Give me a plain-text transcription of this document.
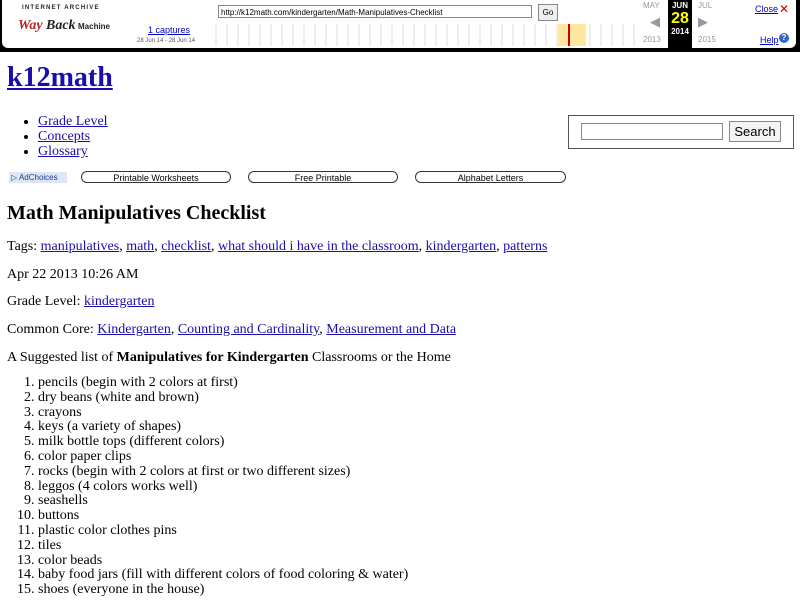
INTERNET ARCHIVE
Way Back Machine
http://k12math.com/kindergarten/Math-Manipulatives-Checklist	Go
1 captures
28 Jun 14 - 28 Jun 14
MAY	JUL
◀	▶
2013	2015
JUN
28
2014
Close ✕
Help ?
k12math
• Grade Level
• Concepts
• Glossary
Search
▷ AdChoices	Printable Worksheets	Free Printable	Alphabet Letters
Math Manipulatives Checklist
Tags: manipulatives, math, checklist, what should i have in the classroom, kindergarten, patterns
Apr 22 2013 10:26 AM
Grade Level: kindergarten
Common Core: Kindergarten, Counting and Cardinality, Measurement and Data
A Suggested list of Manipulatives for Kindergarten Classrooms or the Home
1. pencils (begin with 2 colors at first)
2. dry beans (white and brown)
3. crayons
4. keys (a variety of shapes)
5. milk bottle tops (different colors)
6. color paper clips
7. rocks (begin with 2 colors at first or two different sizes)
8. leggos (4 colors works well)
9. seashells
10. buttons
11. plastic color clothes pins
12. tiles
13. color beads
14. baby food jars (fill with different colors of food coloring & water)
15. shoes (everyone in the house)
